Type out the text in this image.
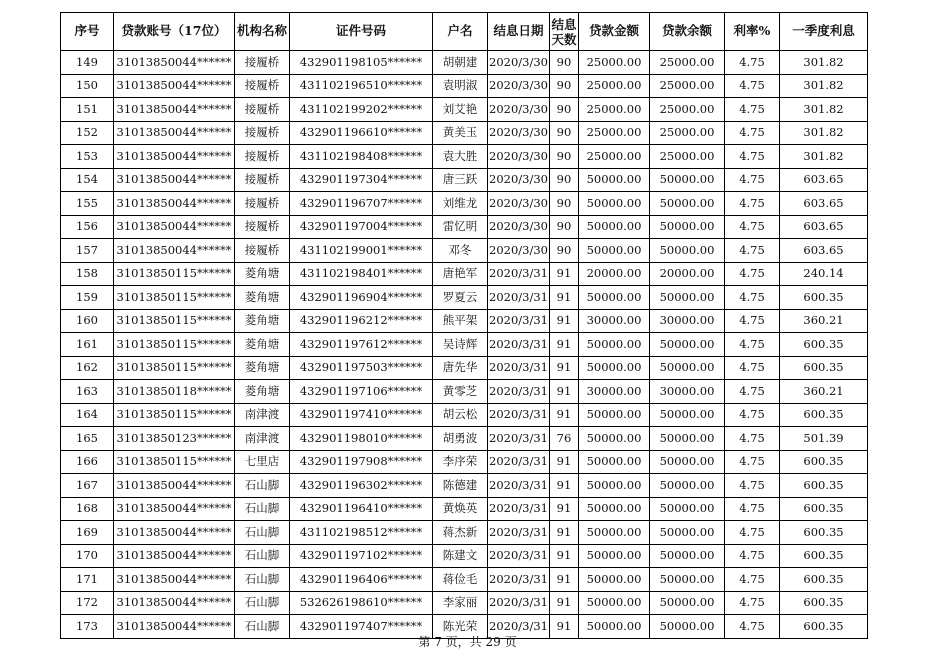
序号	贷款账号（17位）	机构名称	证件号码	户名	结息日期	结息
天数	贷款金额	贷款余额	利率%	一季度利息
149	31013850044******	接履桥	432901198105******	胡朝建	2020/3/30	90	25000.00	25000.00	4.75	301.82
150	31013850044******	接履桥	431102196510******	袁明淑	2020/3/30	90	25000.00	25000.00	4.75	301.82
151	31013850044******	接履桥	431102199202******	刘艾艳	2020/3/30	90	25000.00	25000.00	4.75	301.82
152	31013850044******	接履桥	432901196610******	黄美玉	2020/3/30	90	25000.00	25000.00	4.75	301.82
153	31013850044******	接履桥	431102198408******	袁大胜	2020/3/30	90	25000.00	25000.00	4.75	301.82
154	31013850044******	接履桥	432901197304******	唐三跃	2020/3/30	90	50000.00	50000.00	4.75	603.65
155	31013850044******	接履桥	432901196707******	刘维龙	2020/3/30	90	50000.00	50000.00	4.75	603.65
156	31013850044******	接履桥	432901197004******	雷忆明	2020/3/30	90	50000.00	50000.00	4.75	603.65
157	31013850044******	接履桥	431102199001******	邓冬	2020/3/30	90	50000.00	50000.00	4.75	603.65
158	31013850115******	菱角塘	431102198401******	唐艳军	2020/3/31	91	20000.00	20000.00	4.75	240.14
159	31013850115******	菱角塘	432901196904******	罗夏云	2020/3/31	91	50000.00	50000.00	4.75	600.35
160	31013850115******	菱角塘	432901196212******	熊平架	2020/3/31	91	30000.00	30000.00	4.75	360.21
161	31013850115******	菱角塘	432901197612******	吴诗辉	2020/3/31	91	50000.00	50000.00	4.75	600.35
162	31013850115******	菱角塘	432901197503******	唐先华	2020/3/31	91	50000.00	50000.00	4.75	600.35
163	31013850118******	菱角塘	432901197106******	黄零芝	2020/3/31	91	30000.00	30000.00	4.75	360.21
164	31013850115******	南津渡	432901197410******	胡云松	2020/3/31	91	50000.00	50000.00	4.75	600.35
165	31013850123******	南津渡	432901198010******	胡勇波	2020/3/31	76	50000.00	50000.00	4.75	501.39
166	31013850115******	七里店	432901197908******	李序荣	2020/3/31	91	50000.00	50000.00	4.75	600.35
167	31013850044******	石山脚	432901196302******	陈德建	2020/3/31	91	50000.00	50000.00	4.75	600.35
168	31013850044******	石山脚	432901196410******	黄焕英	2020/3/31	91	50000.00	50000.00	4.75	600.35
169	31013850044******	石山脚	431102198512******	蒋杰新	2020/3/31	91	50000.00	50000.00	4.75	600.35
170	31013850044******	石山脚	432901197102******	陈建文	2020/3/31	91	50000.00	50000.00	4.75	600.35
171	31013850044******	石山脚	432901196406******	蒋俭毛	2020/3/31	91	50000.00	50000.00	4.75	600.35
172	31013850044******	石山脚	532626198610******	李家丽	2020/3/31	91	50000.00	50000.00	4.75	600.35
173	31013850044******	石山脚	432901197407******	陈光荣	2020/3/31	91	50000.00	50000.00	4.75	600.35
第 7 页，共 29 页
